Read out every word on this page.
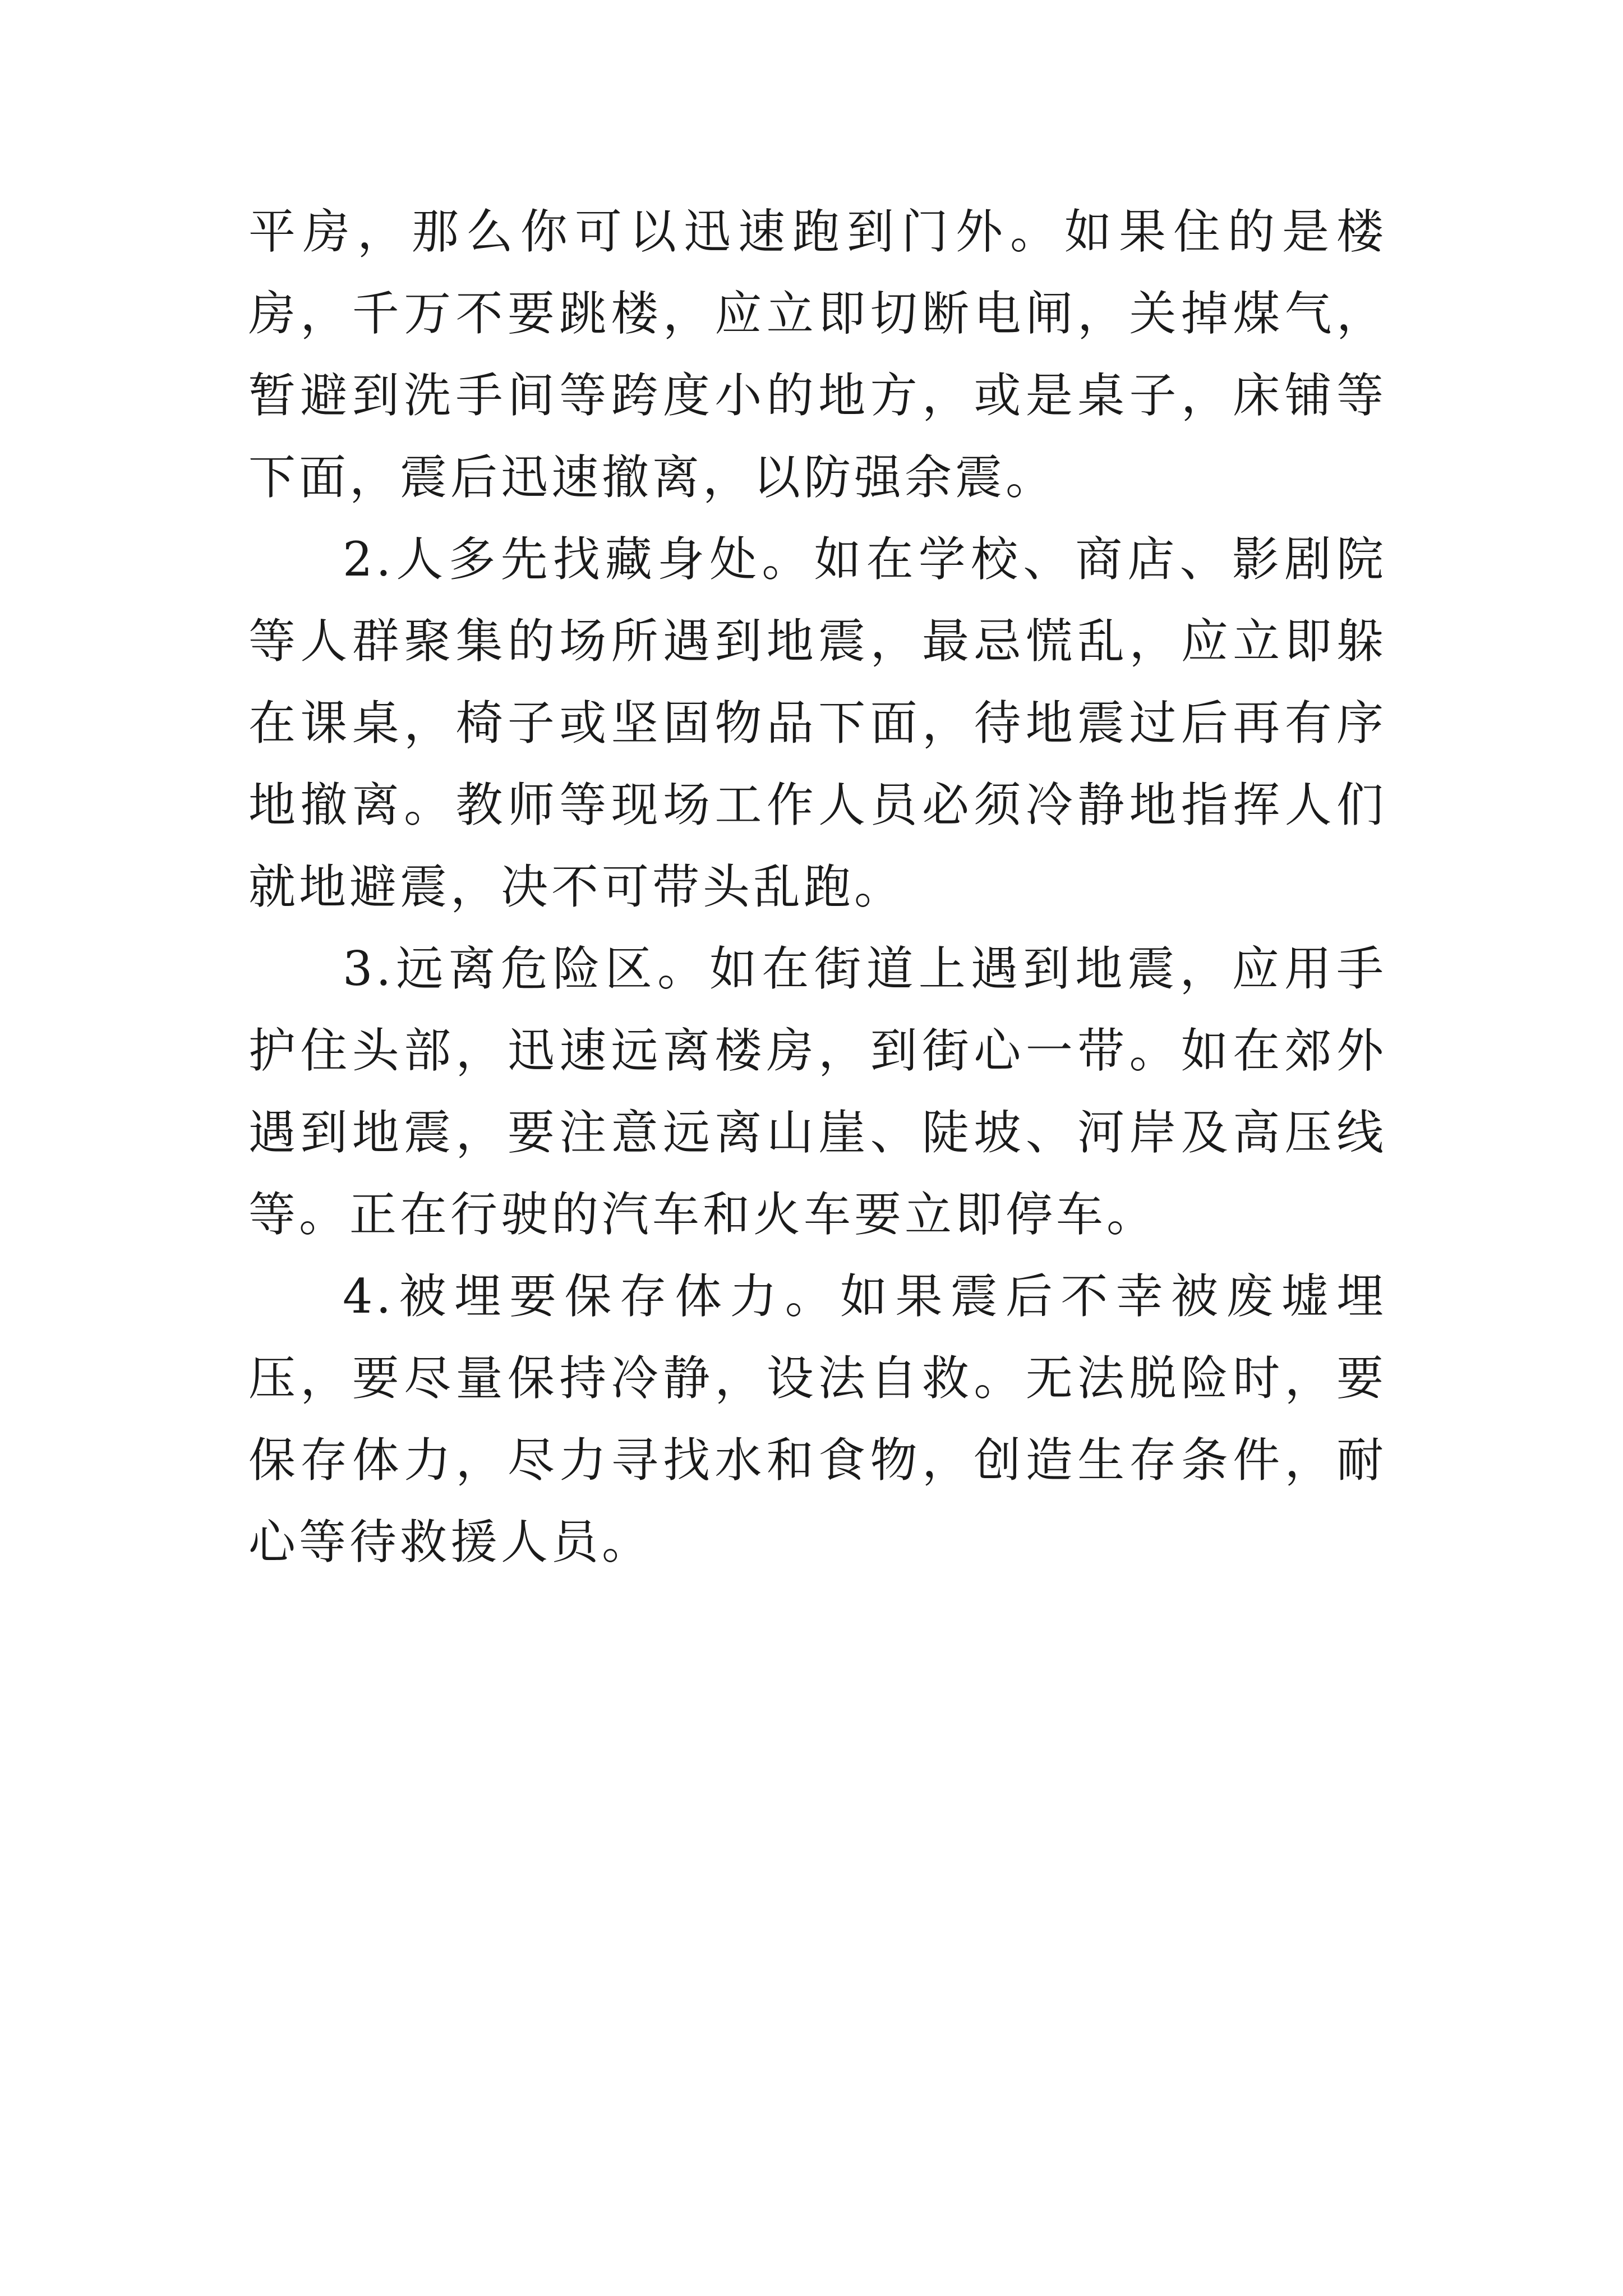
平房，那么你可以迅速跑到门外。如果住的是楼房，千万不要跳楼，应立即切断电闸，关掉煤气，暂避到洗手间等跨度小的地方，或是桌子，床铺等下面，震后迅速撤离，以防强余震。

2.人多先找藏身处。如在学校、商店、影剧院等人群聚集的场所遇到地震，最忌慌乱，应立即躲在课桌，椅子或坚固物品下面，待地震过后再有序地撤离。教师等现场工作人员必须冷静地指挥人们就地避震，决不可带头乱跑。

3.远离危险区。如在街道上遇到地震，应用手护住头部，迅速远离楼房，到街心一带。如在郊外遇到地震，要注意远离山崖、陡坡、河岸及高压线等。正在行驶的汽车和火车要立即停车。

4.被埋要保存体力。如果震后不幸被废墟埋压，要尽量保持冷静，设法自救。无法脱险时，要保存体力，尽力寻找水和食物，创造生存条件，耐心等待救援人员。
